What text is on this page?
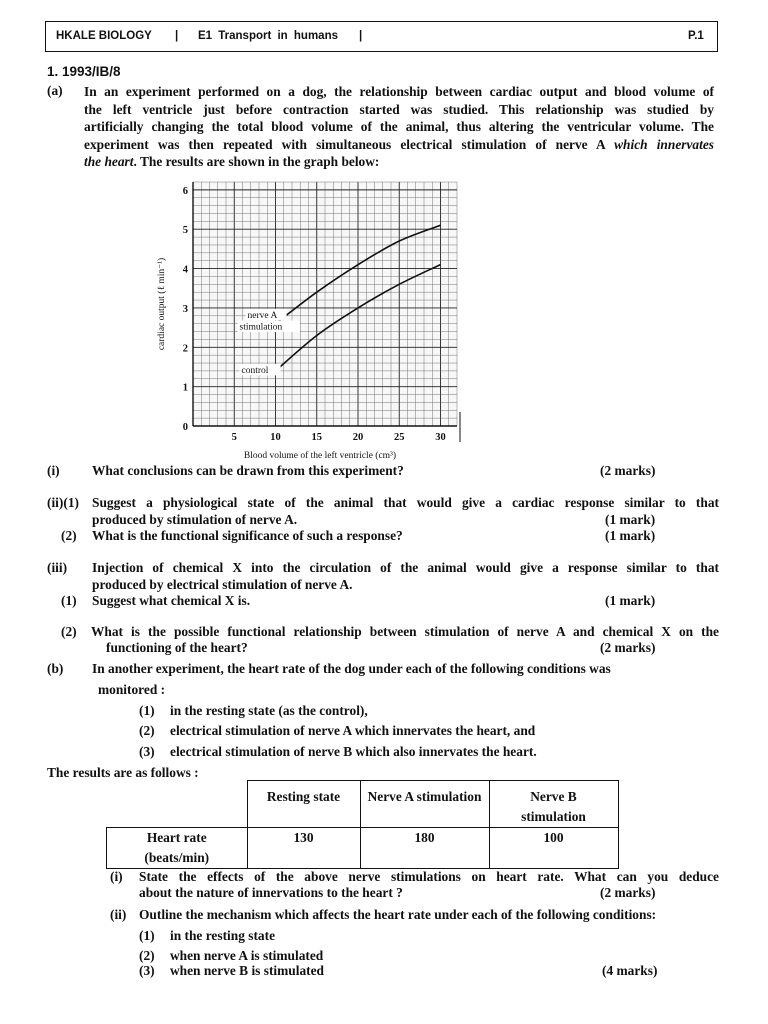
HKALE BIOLOGY | E1 Transport in humans |	P.1
1. 1993/IB/8
(a) In an experiment performed on a dog, the relationship between cardiac output and blood volume of
the left ventricle just before contraction started was studied. This relationship was studied by
artificially changing the total blood volume of the animal, thus altering the ventricular volume. The
experiment was then repeated with simultaneous electrical stimulation of nerve A which innervates
the heart. The results are shown in the graph below:
5	10	15	20	25	30
0
1
2
3
4
5
6
Blood volume of the left ventricle (cm³)
cardiac output (ℓ min⁻¹)	nerve A
stimulation
control
(i) What conclusions can be drawn from this experiment?	(2 marks)
(ii)(1) Suggest a physiological state of the animal that would give a cardiac response similar to that
produced by stimulation of nerve A.	(1 mark)
(2) What is the functional significance of such a response?	(1 mark)
(iii) Injection of chemical X into the circulation of the animal would give a response similar to that
produced by electrical stimulation of nerve A.
(1) Suggest what chemical X is.	(1 mark)
(2) What is the possible functional relationship between stimulation of nerve A and chemical X on the
functioning of the heart?	(2 marks)
(b) In another experiment, the heart rate of the dog under each of the following conditions was
monitored :
(1) in the resting state (as the control),
(2) electrical stimulation of nerve A which innervates the heart, and
(3) electrical stimulation of nerve B which also innervates the heart.
The results are as follows :
	Resting state	Nerve A stimulation	Nerve B
stimulation
Heart rate
(beats/min)	130	180	100
(i) State the effects of the above nerve stimulations on heart rate. What can you deduce
about the nature of innervations to the heart ?	(2 marks)
(ii) Outline the mechanism which affects the heart rate under each of the following conditions:
(1) in the resting state
(2) when nerve A is stimulated
(3) when nerve B is stimulated	(4 marks)
